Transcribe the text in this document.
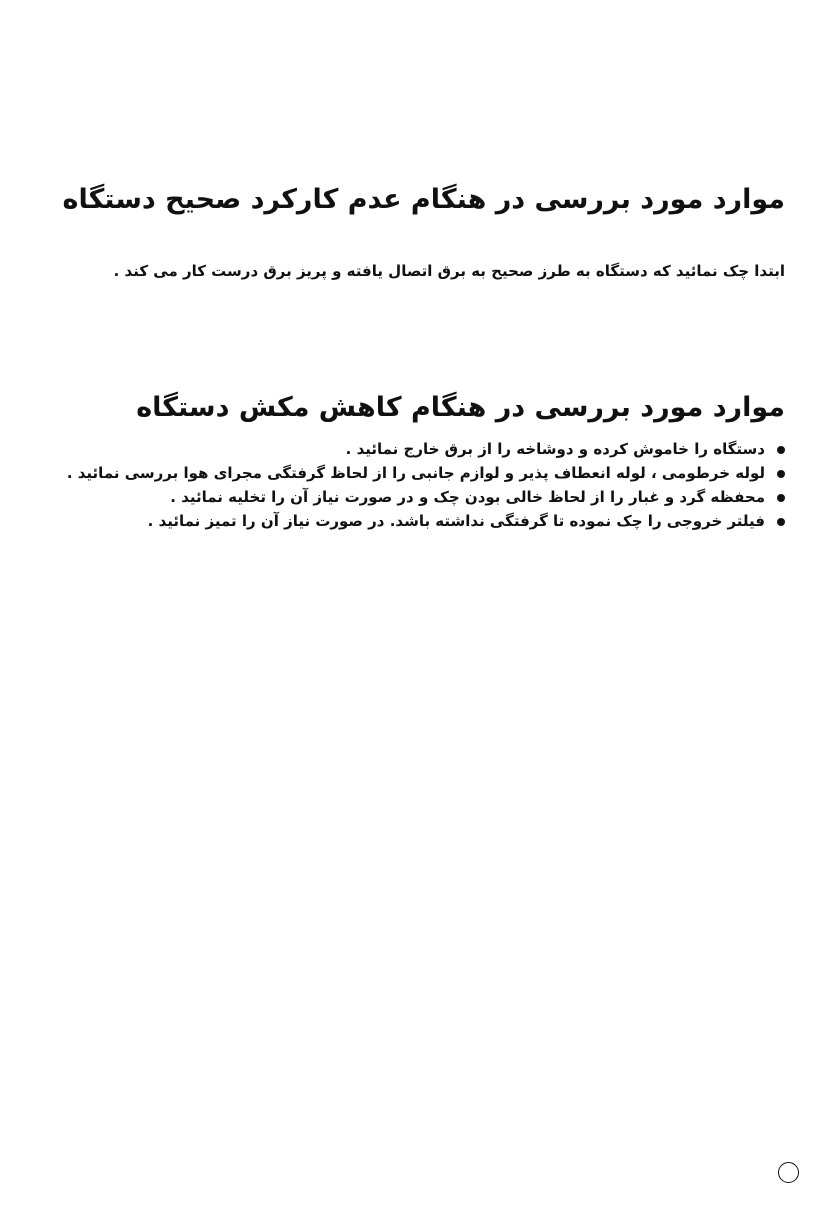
موارد مورد بررسی در هنگام عدم کارکرد صحیح دستگاه
ابتدا چک نمائید که دستگاه به طرز صحیح به برق اتصال یافته و پریز برق درست کار می کند .
موارد مورد بررسی در هنگام کاهش مکش دستگاه
دستگاه را خاموش کرده و دوشاخه را از برق خارج نمائید .
لوله خرطومی ، لوله انعطاف پذیر و لوازم جانبی را از لحاظ گرفتگی مجرای هوا بررسی نمائید .
محفظه گرد و غبار را از لحاظ خالی بودن چک و در صورت نیاز آن را تخلیه نمائید .
فیلتر خروجی را چک نموده تا گرفتگی نداشته باشد. در صورت نیاز آن را تمیز نمائید .
